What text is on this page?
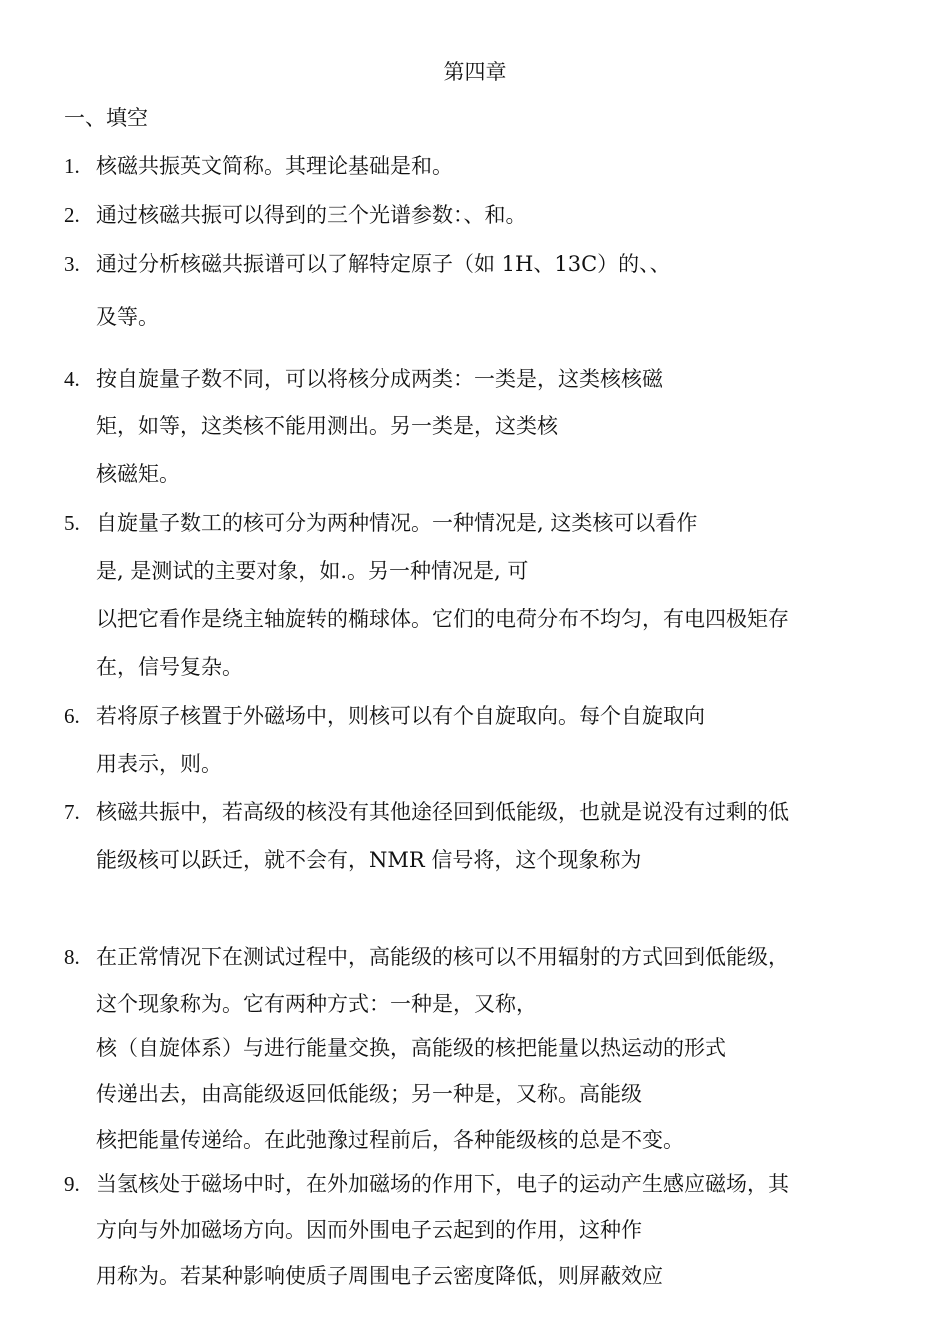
第四章
一、填空
1. 核磁共振英文简称。其理论基础是和。
2. 通过核磁共振可以得到的三个光谱参数：、和。
3. 通过分析核磁共振谱可以了解特定原子（如 1H、13C）的、、
及等。
4. 按自旋量子数不同，可以将核分成两类：一类是，这类核核磁
矩，如等，这类核不能用测出。另一类是，这类核
核磁矩。
5. 自旋量子数工的核可分为两种情况。一种情况是, 这类核可以看作
是, 是测试的主要对象，如.。另一种情况是, 可
以把它看作是绕主轴旋转的椭球体。它们的电荷分布不均匀，有电四极矩存
在，信号复杂。
6. 若将原子核置于外磁场中，则核可以有个自旋取向。每个自旋取向
用表示，则。
7. 核磁共振中，若高级的核没有其他途径回到低能级，也就是说没有过剩的低
能级核可以跃迁，就不会有，NMR 信号将，这个现象称为
8. 在正常情况下在测试过程中，高能级的核可以不用辐射的方式回到低能级，
这个现象称为。它有两种方式：一种是，又称，
核（自旋体系）与进行能量交换，高能级的核把能量以热运动的形式
传递出去，由高能级返回低能级；另一种是，又称。高能级
核把能量传递给。在此弛豫过程前后，各种能级核的总是不变。
9. 当氢核处于磁场中时，在外加磁场的作用下，电子的运动产生感应磁场，其
方向与外加磁场方向。因而外围电子云起到的作用，这种作
用称为。若某种影响使质子周围电子云密度降低，则屏蔽效应
